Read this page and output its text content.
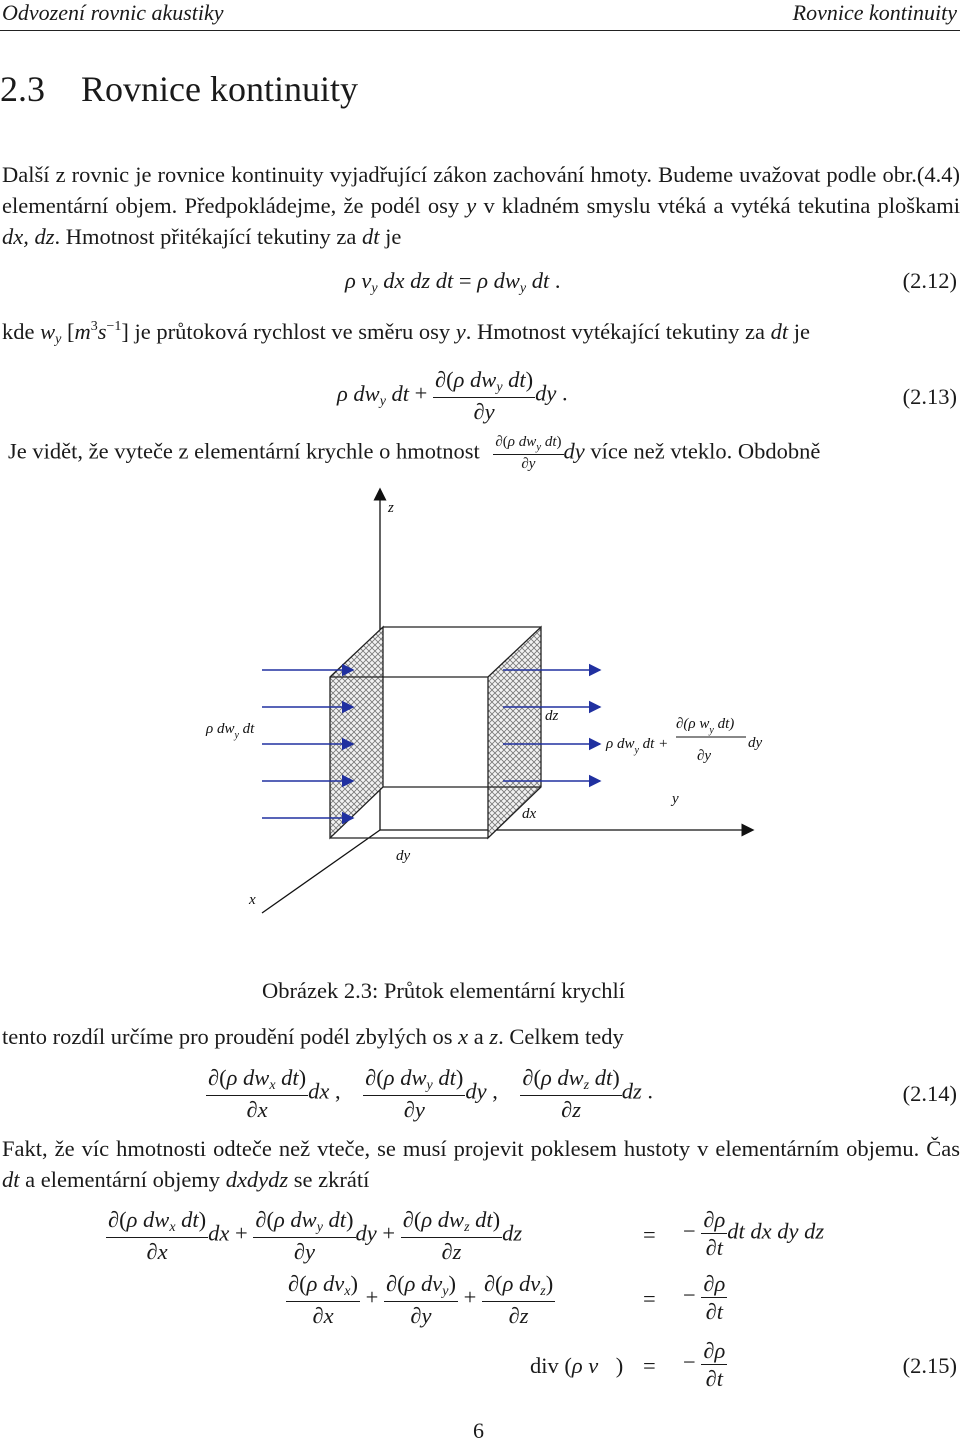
Odvození rovnic akustiky	Rovnice kontinuity
2.3 Rovnice kontinuity

Další z rovnic je rovnice kontinuity vyjadřující zákon zachování hmoty. Budeme uvažovat podle obr.(4.4) elementární objem. Předpokládejme, že podél osy y v kladném smyslu vtéká a vytéká tekutina ploškami dx, dz. Hmotnost přitékající tekutiny za dt je

ρ $v_y$ dx dz dt = ρ $dw_y$ dt .	(2.12)

kde $w_y$ $[m^3s^{-1}]$ je průtoková rychlost ve směru osy y. Hmotnost vytékající tekutiny za dt je

ρ $dw_y$ dt + $\frac{\partial(\rho dw_y dt)}{\partial y}$ dy .	(2.13)
Je vidět, že vyteče z elementární krychle o hmotnost $\frac{\partial(\rho dw_y dt)}{\partial y}$ dy více než vteklo. Obdobně
z
y
x
dz
dx
dy
ρ $dw_y$ dt
ρ $dw_y$ dt +
∂(ρ $w_y$ dt)
∂y
dy
Obrázek 2.3: Průtok elementární krychlí

tento rozdíl určíme pro proudění podél zbylých os x a z. Celkem tedy

$\frac{\partial(\rho dw_x dt)}{\partial x}$ dx , $\frac{\partial(\rho dw_y dt)}{\partial y}$ dy , $\frac{\partial(\rho dw_z dt)}{\partial z}$ dz .	(2.14)

Fakt, že víc hmotnosti odteče než vteče, se musí projevit poklesem hustoty v elementárním objemu. Čas dt a elementární objemy dxdydz se zkrátí

$\frac{\partial(\rho dw_x dt)}{\partial x}$ dx + $\frac{\partial(\rho dw_y dt)}{\partial y}$ dy + $\frac{\partial(\rho dw_z dt)}{\partial z}$ dz	= − $\frac{\partial\rho}{\partial t}$ dt dx dy dz
$\frac{\partial(\rho dv_x)}{\partial x} + \frac{\partial(\rho dv_y)}{\partial y} + \frac{\partial(\rho dv_z)}{\partial z}$	= − $\frac{\partial\rho}{\partial t}$
div (ρ v⃗) = − $\frac{\partial\rho}{\partial t}$	(2.15)
6
